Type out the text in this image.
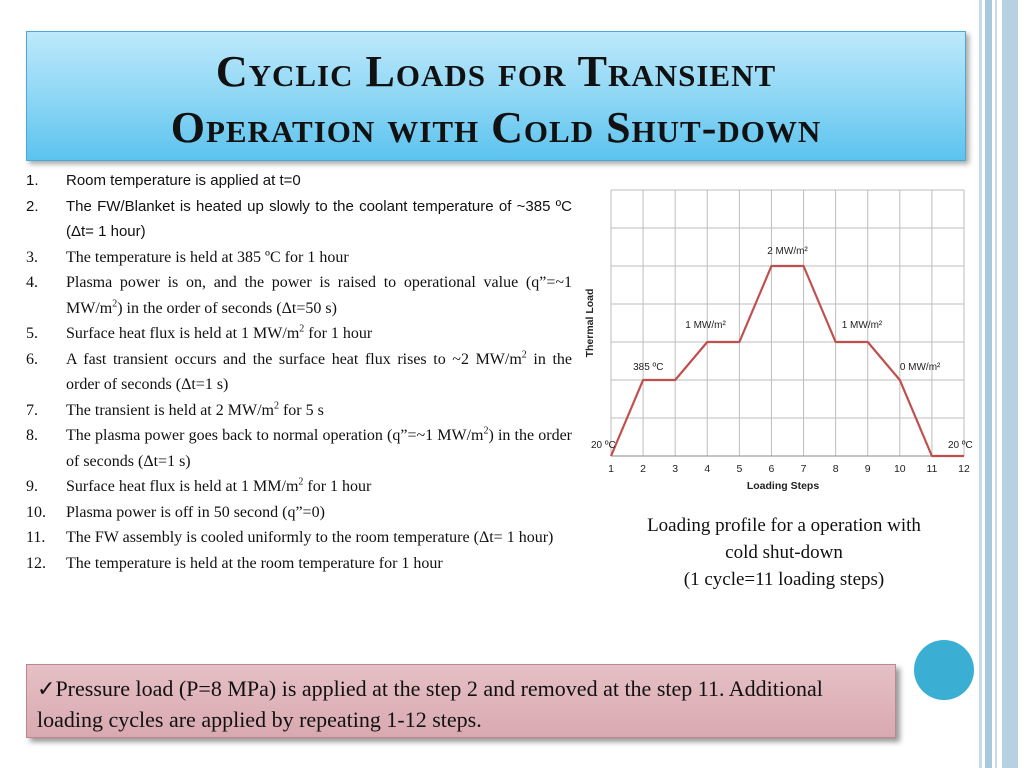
Cyclic Loads for Transient
Operation with Cold Shut-down
1. Room temperature is applied at t=0
2. The FW/Blanket is heated up slowly to the coolant temperature of ~385 ºC (Δt= 1 hour)
3. The temperature is held at 385 ºC for 1 hour
4. Plasma power is on, and the power is raised to operational value (q”=~1 $MW/m^2$) in the order of seconds (Δt=50 s)
5. Surface heat flux is held at 1 $MW/m^2$ for 1 hour
6. A fast transient occurs and the surface heat flux rises to ~2 $MW/m^2$ in the order of seconds (Δt=1 s)
7. The transient is held at 2 $MW/m^2$ for 5 s
8. The plasma power goes back to normal operation (q”=~1 $MW/m^2$) in the order of seconds (Δt=1 s)
9. Surface heat flux is held at 1 $MM/m^2$ for 1 hour
10. Plasma power is off in 50 second (q”=0)
11. The FW assembly is cooled uniformly to the room temperature (Δt= 1 hour)
12. The temperature is held at the room temperature for 1 hour
20 ºC
385 ºC
1 MW/m²
2 MW/m²
1 MW/m²
0 MW/m²
20 ºC
1 2 3 4 5 6 7 8 9 10 11 12
Loading Steps
Thermal Load
Loading profile for a operation with
cold shut-down
(1 cycle=11 loading steps)
✓Pressure load (P=8 MPa) is applied at the step 2 and removed at the step 11. Additional loading cycles are applied by repeating 1-12 steps.
